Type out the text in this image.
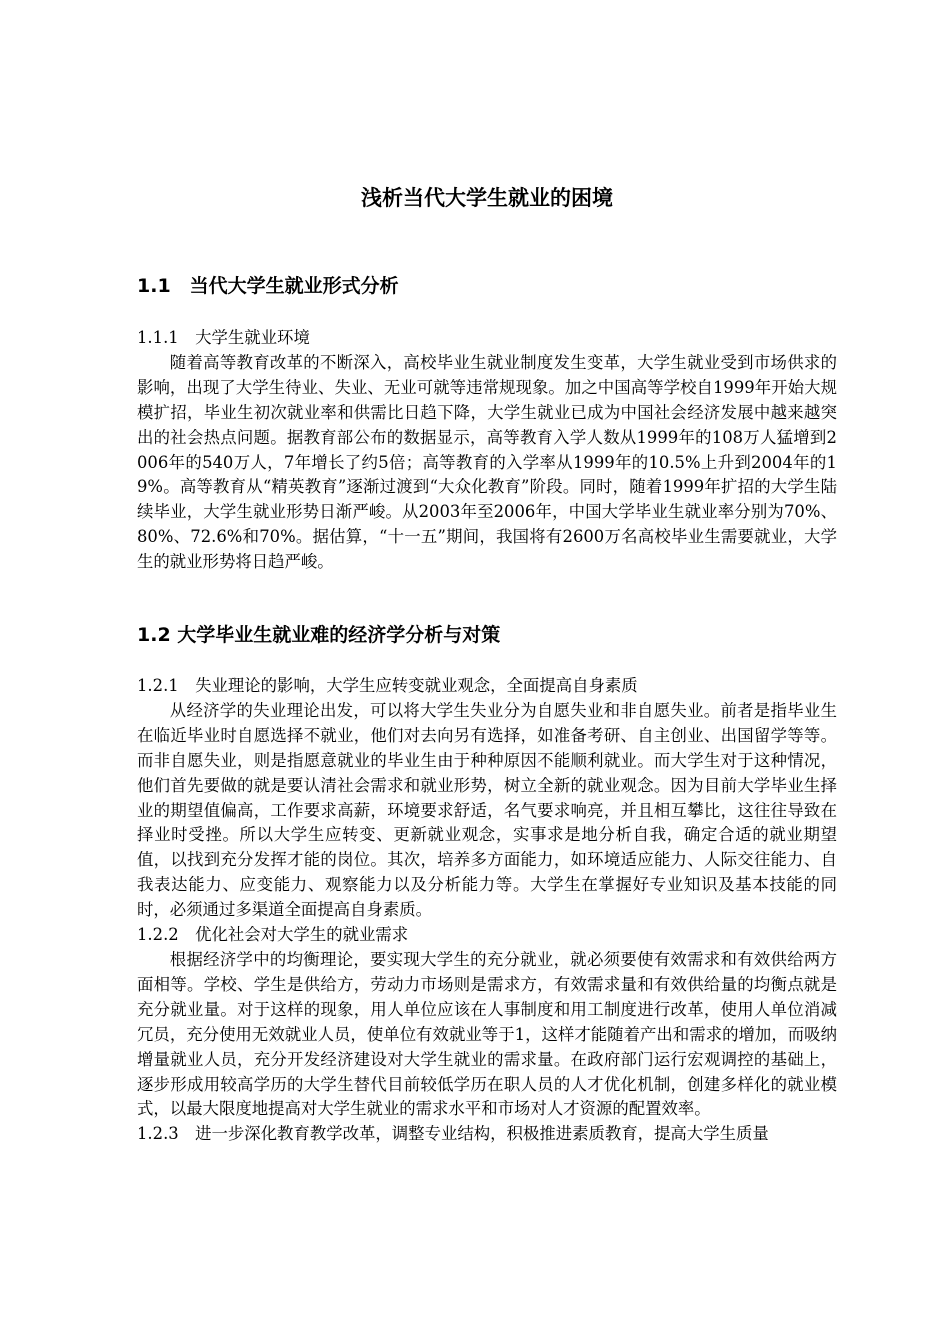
浅析当代大学生就业的困境
1.1　当代大学生就业形式分析
1.1.1　大学生就业环境
随着高等教育改革的不断深入，高校毕业生就业制度发生变革，大学生就业受到市场供求的影响，出现了大学生待业、失业、无业可就等违常规现象。加之中国高等学校自1999年开始大规模扩招，毕业生初次就业率和供需比日趋下降，大学生就业已成为中国社会经济发展中越来越突出的社会热点问题。据教育部公布的数据显示，高等教育入学人数从1999年的108万人猛增到2006年的540万人，7年增长了约5倍；高等教育的入学率从1999年的10.5%上升到2004年的19%。高等教育从“精英教育”逐渐过渡到“大众化教育”阶段。同时，随着1999年扩招的大学生陆续毕业，大学生就业形势日渐严峻。从2003年至2006年，中国大学毕业生就业率分别为70%、80%、72.6%和70%。据估算，“十一五”期间，我国将有2600万名高校毕业生需要就业，大学生的就业形势将日趋严峻。
1.2 大学毕业生就业难的经济学分析与对策
1.2.1　失业理论的影响，大学生应转变就业观念，全面提高自身素质
从经济学的失业理论出发，可以将大学生失业分为自愿失业和非自愿失业。前者是指毕业生在临近毕业时自愿选择不就业，他们对去向另有选择，如准备考研、自主创业、出国留学等等。而非自愿失业，则是指愿意就业的毕业生由于种种原因不能顺利就业。而大学生对于这种情况，他们首先要做的就是要认清社会需求和就业形势，树立全新的就业观念。因为目前大学毕业生择业的期望值偏高，工作要求高薪，环境要求舒适，名气要求响亮，并且相互攀比，这往往导致在择业时受挫。所以大学生应转变、更新就业观念，实事求是地分析自我，确定合适的就业期望值，以找到充分发挥才能的岗位。其次，培养多方面能力，如环境适应能力、人际交往能力、自我表达能力、应变能力、观察能力以及分析能力等。大学生在掌握好专业知识及基本技能的同时，必须通过多渠道全面提高自身素质。
1.2.2　优化社会对大学生的就业需求
根据经济学中的均衡理论，要实现大学生的充分就业，就必须要使有效需求和有效供给两方面相等。学校、学生是供给方，劳动力市场则是需求方，有效需求量和有效供给量的均衡点就是充分就业量。对于这样的现象，用人单位应该在人事制度和用工制度进行改革，使用人单位消减冗员，充分使用无效就业人员，使单位有效就业等于1，这样才能随着产出和需求的增加，而吸纳增量就业人员，充分开发经济建设对大学生就业的需求量。在政府部门运行宏观调控的基础上，逐步形成用较高学历的大学生替代目前较低学历在职人员的人才优化机制，创建多样化的就业模式，以最大限度地提高对大学生就业的需求水平和市场对人才资源的配置效率。
1.2.3　进一步深化教育教学改革，调整专业结构，积极推进素质教育，提高大学生质量
